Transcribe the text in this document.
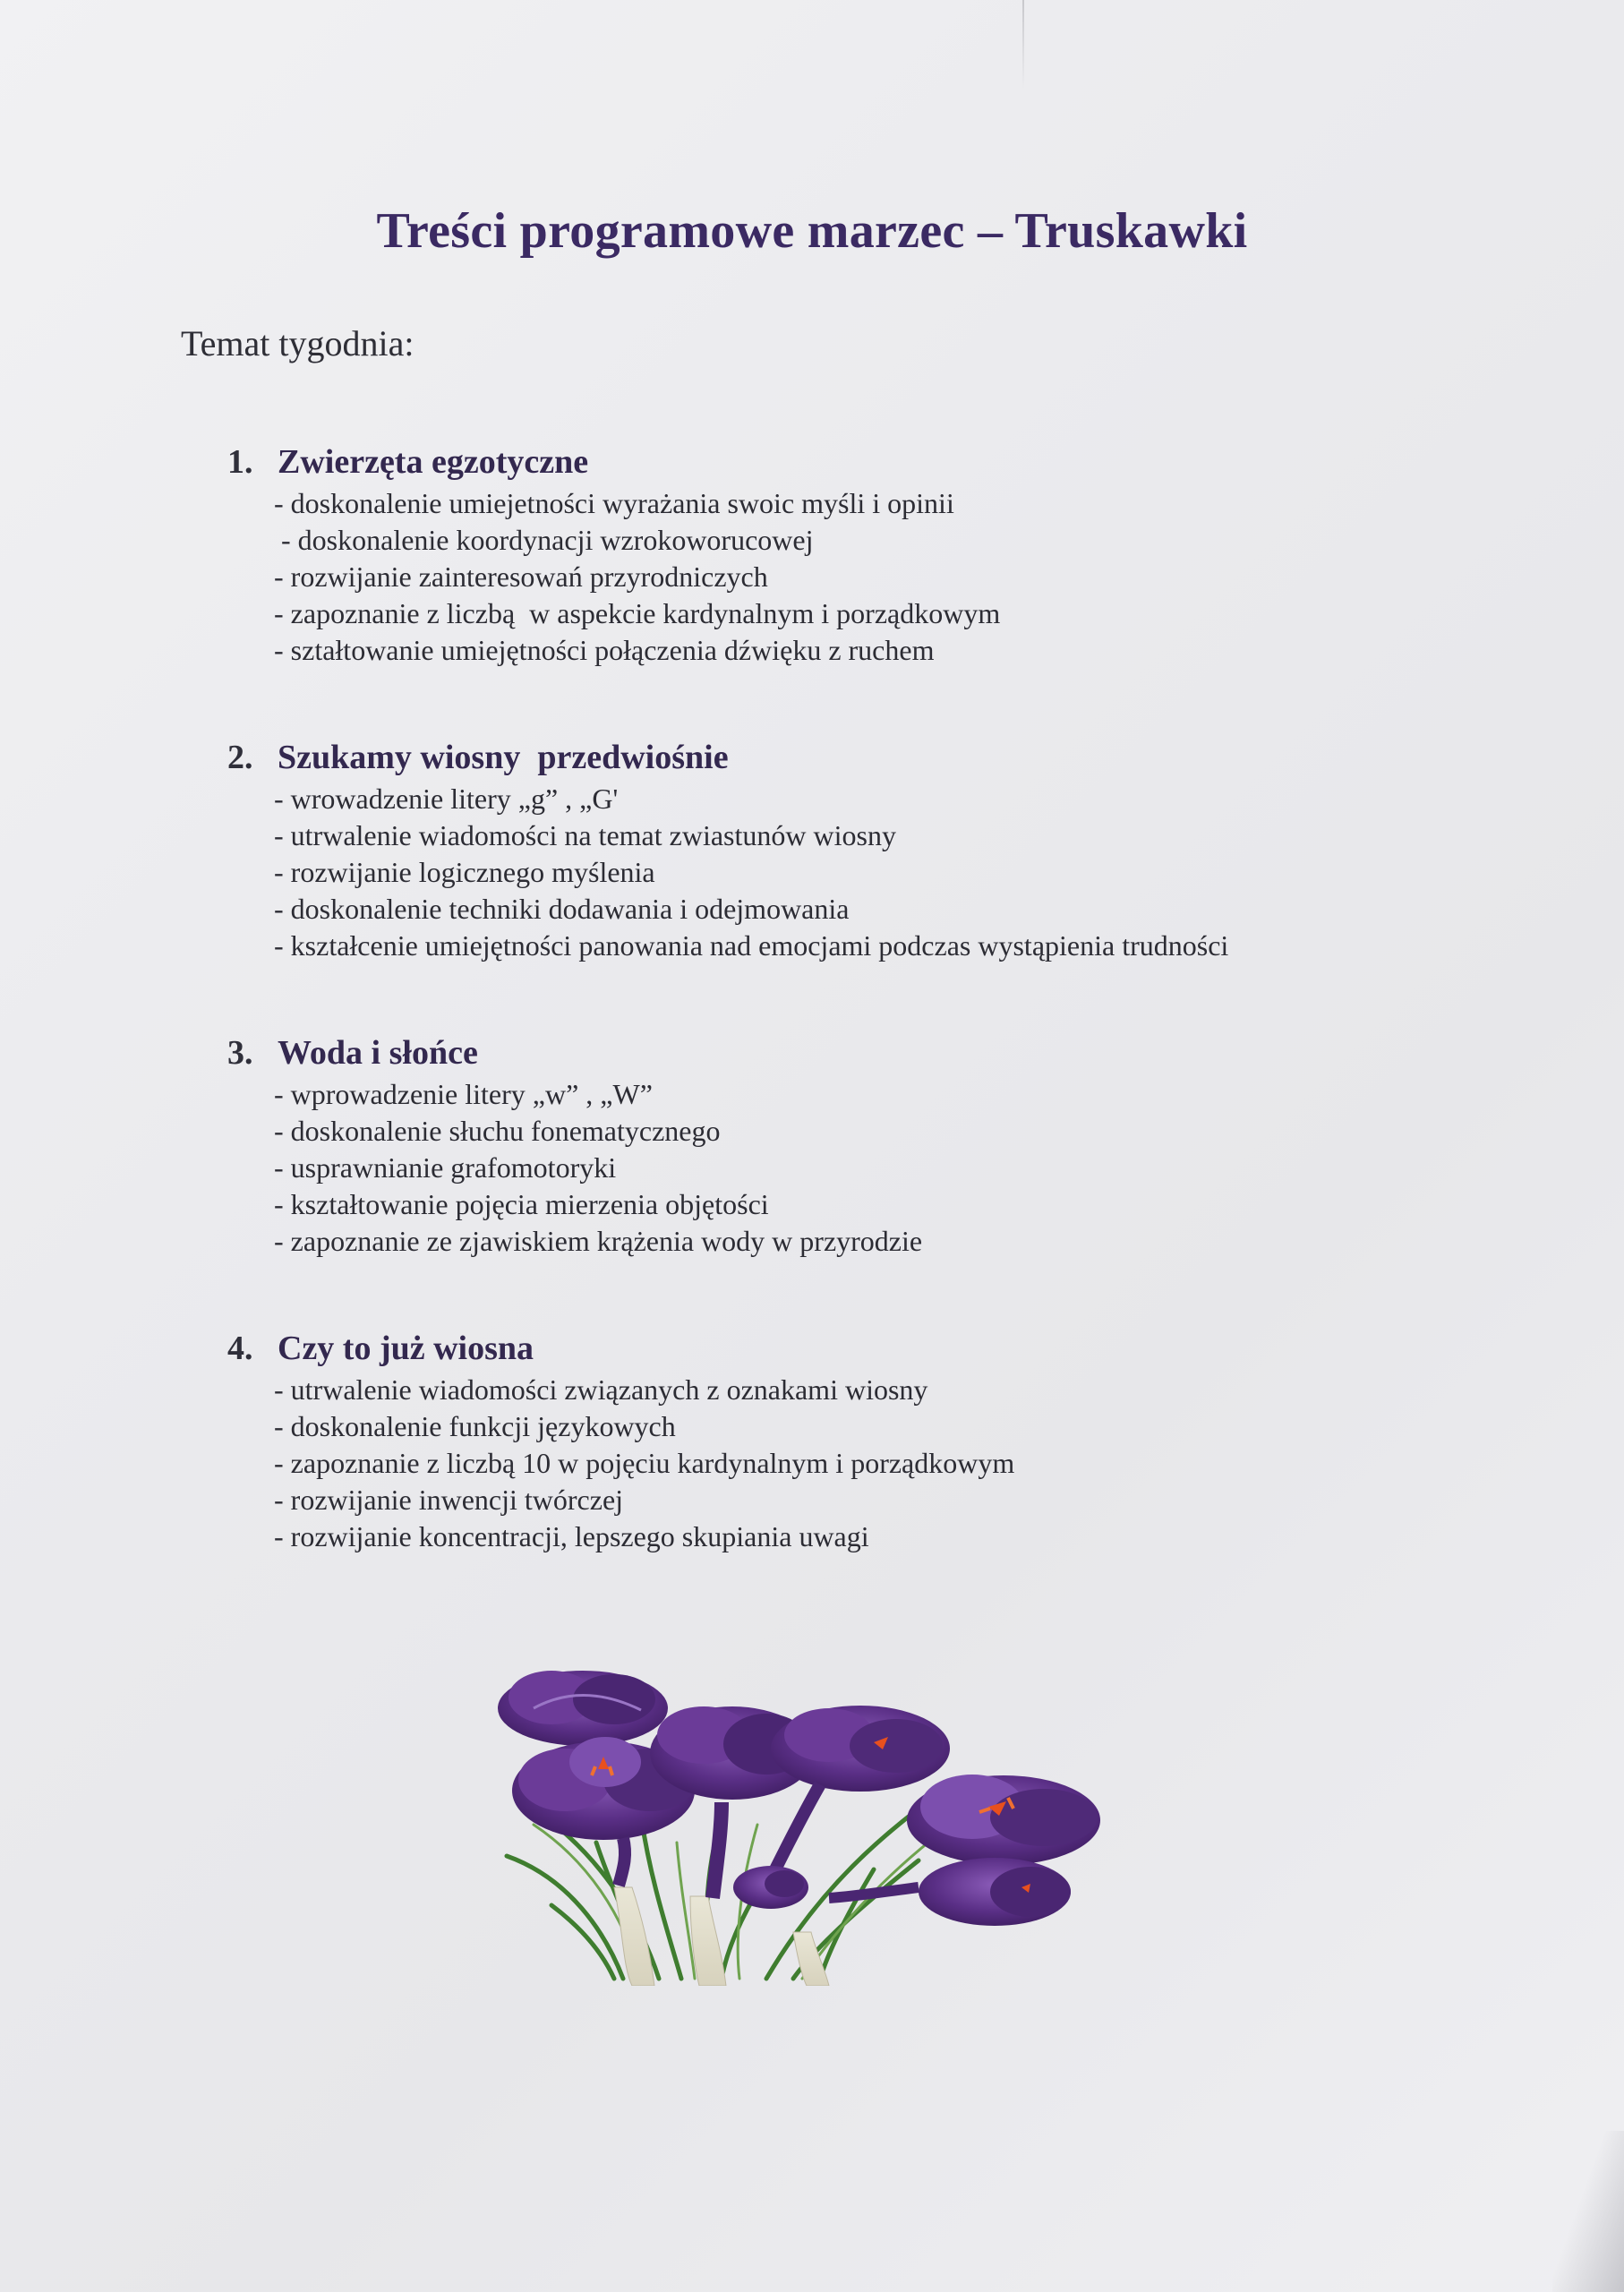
Treści programowe marzec – Truskawki
Temat tygodnia:
1. Zwierzęta egzotyczne
- doskonalenie umiejetności wyrażania swoic myśli i opinii
- doskonalenie koordynacji wzrokoworucowej
- rozwijanie zainteresowań przyrodniczych
- zapoznanie z liczbą  w aspekcie kardynalnym i porządkowym
- ształtowanie umiejętności połączenia dźwięku z ruchem
2. Szukamy wiosny  przedwiośnie
- wrowadzenie litery „g” , „G'
- utrwalenie wiadomości na temat zwiastunów wiosny
- rozwijanie logicznego myślenia
- doskonalenie techniki dodawania i odejmowania
- kształcenie umiejętności panowania nad emocjami podczas wystąpienia trudności
3. Woda i słońce
- wprowadzenie litery „w” , „W”
- doskonalenie słuchu fonematycznego
- usprawnianie grafomotoryki
- kształtowanie pojęcia mierzenia objętości
- zapoznanie ze zjawiskiem krążenia wody w przyrodzie
4. Czy to już wiosna
- utrwalenie wiadomości związanych z oznakami wiosny
- doskonalenie funkcji językowych
- zapoznanie z liczbą 10 w pojęciu kardynalnym i porządkowym
- rozwijanie inwencji twórczej
- rozwijanie koncentracji, lepszego skupiania uwagi
